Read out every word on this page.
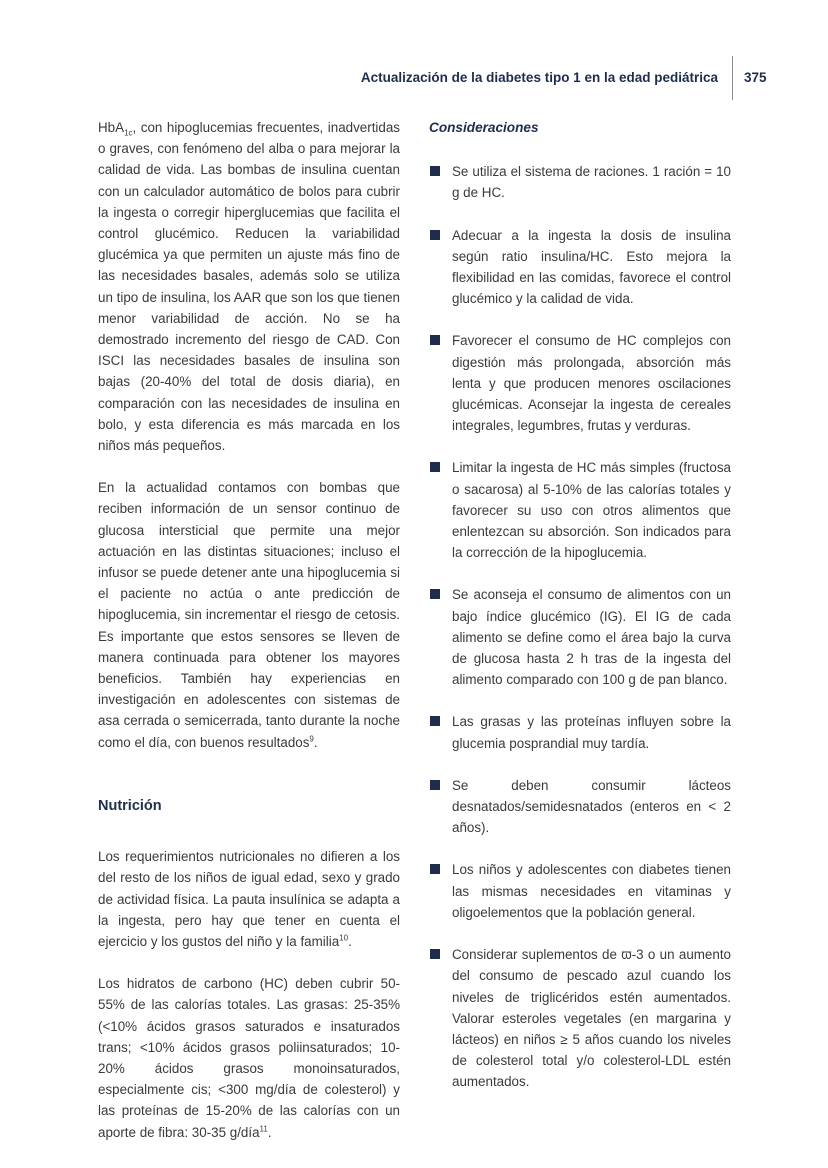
Actualización de la diabetes tipo 1 en la edad pediátrica 375

HbA$_{1c}$, con hipoglucemias frecuentes, inadvertidas o graves, con fenómeno del alba o para mejorar la calidad de vida. Las bombas de insulina cuentan con un calculador automático de bolos para cubrir la ingesta o corregir hiperglucemias que facilita el control glucémico. Reducen la variabilidad glucémica ya que permiten un ajuste más fino de las necesidades basales, además solo se utiliza un tipo de insulina, los AAR que son los que tienen menor variabilidad de acción. No se ha demostrado incremento del riesgo de CAD. Con ISCI las necesidades basales de insulina son bajas (20-40% del total de dosis diaria), en comparación con las necesidades de insulina en bolo, y esta diferencia es más marcada en los niños más pequeños.

En la actualidad contamos con bombas que reciben información de un sensor continuo de glucosa intersticial que permite una mejor actuación en las distintas situaciones; incluso el infusor se puede detener ante una hipoglucemia si el paciente no actúa o ante predicción de hipoglucemia, sin incrementar el riesgo de cetosis. Es importante que estos sensores se lleven de manera continuada para obtener los mayores beneficios. También hay experiencias en investigación en adolescentes con sistemas de asa cerrada o semicerrada, tanto durante la noche como el día, con buenos resultados$^9$.

Nutrición

Los requerimientos nutricionales no difieren a los del resto de los niños de igual edad, sexo y grado de actividad física. La pauta insulínica se adapta a la ingesta, pero hay que tener en cuenta el ejercicio y los gustos del niño y la familia$^{10}$.

Los hidratos de carbono (HC) deben cubrir 50-55% de las calorías totales. Las grasas: 25-35% (<10% ácidos grasos saturados e insaturados trans; <10% ácidos grasos poliinsaturados; 10-20% ácidos grasos monoinsaturados, especialmente cis; <300 mg/día de colesterol) y las proteínas de 15-20% de las calorías con un aporte de fibra: 30-35 g/día$^{11}$.

Consideraciones
Se utiliza el sistema de raciones. 1 ración = 10 g de HC.
Adecuar a la ingesta la dosis de insulina según ratio insulina/HC. Esto mejora la flexibilidad en las comidas, favorece el control glucémico y la calidad de vida.
Favorecer el consumo de HC complejos con digestión más prolongada, absorción más lenta y que producen menores oscilaciones glucémicas. Aconsejar la ingesta de cereales integrales, legumbres, frutas y verduras.
Limitar la ingesta de HC más simples (fructosa o sacarosa) al 5-10% de las calorías totales y favorecer su uso con otros alimentos que enlentezcan su absorción. Son indicados para la corrección de la hipoglucemia.
Se aconseja el consumo de alimentos con un bajo índice glucémico (IG). El IG de cada alimento se define como el área bajo la curva de glucosa hasta 2 h tras de la ingesta del alimento comparado con 100 g de pan blanco.
Las grasas y las proteínas influyen sobre la glucemia posprandial muy tardía.
Se deben consumir lácteos desnatados/semidesnatados (enteros en < 2 años).
Los niños y adolescentes con diabetes tienen las mismas necesidades en vitaminas y oligoelementos que la población general.
Considerar suplementos de ϖ-3 o un aumento del consumo de pescado azul cuando los niveles de triglicéridos estén aumentados. Valorar esteroles vegetales (en margarina y lácteos) en niños ≥ 5 años cuando los niveles de colesterol total y/o colesterol-LDL estén aumentados.
